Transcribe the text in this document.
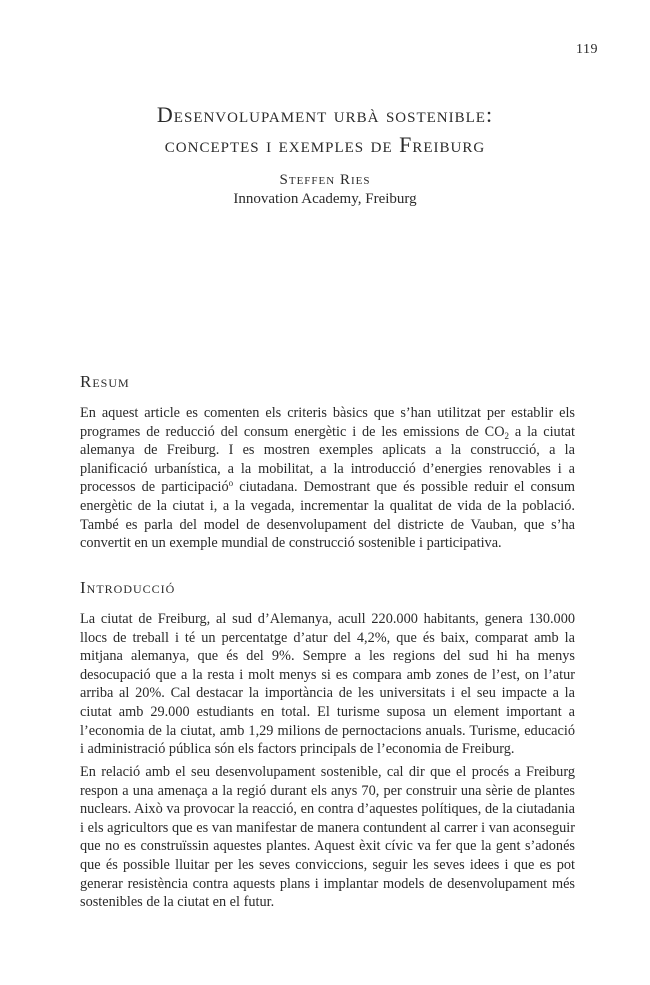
119

Desenvolupament urbà sostenible:

conceptes i exemples de Freiburg

Steffen Ries
Innovation Academy, Freiburg
Resum

En aquest article es comenten els criteris bàsics que s’han utilitzat per establir els programes de reducció del consum energètic i de les emissions de $CO_2$ a la ciutat alemanya de Freiburg. I es mostren exemples aplicats a la construcció, a la planificació urbanística, a la mobilitat, a la introducció d’energies renovables i a processos de participació$^o$ ciutadana. Demostrant que és possible reduir el consum energètic de la ciutat i, a la vegada, incrementar la qualitat de vida de la població. També es parla del model de desenvolupament del districte de Vauban, que s’ha convertit en un exemple mundial de construcció sostenible i participativa.

Introducció

La ciutat de Freiburg, al sud d’Alemanya, acull 220.000 habitants, genera 130.000 llocs de treball i té un percentatge d’atur del 4,2%, que és baix, comparat amb la mitjana alemanya, que és del 9%. Sempre a les regions del sud hi ha menys desocupació que a la resta i molt menys si es compara amb zones de l’est, on l’atur arriba al 20%. Cal destacar la importància de les universitats i el seu impacte a la ciutat amb 29.000 estudiants en total. El turisme suposa un element important a l’economia de la ciutat, amb 1,29 milions de pernoctacions anuals. Turisme, educació i administració pública són els factors principals de l’economia de Freiburg.

En relació amb el seu desenvolupament sostenible, cal dir que el procés a Freiburg respon a una amenaça a la regió durant els anys 70, per construir una sèrie de plantes nuclears. Això va provocar la reacció, en contra d’aquestes polítiques, de la ciutadania i els agricultors que es van manifestar de manera contundent al carrer i van aconseguir que no es construïssin aquestes plantes. Aquest èxit cívic va fer que la gent s’adonés que és possible lluitar per les seves conviccions, seguir les seves idees i que es pot generar resistència contra aquests plans i implantar models de desenvolupament més sostenibles de la ciutat en el futur.
